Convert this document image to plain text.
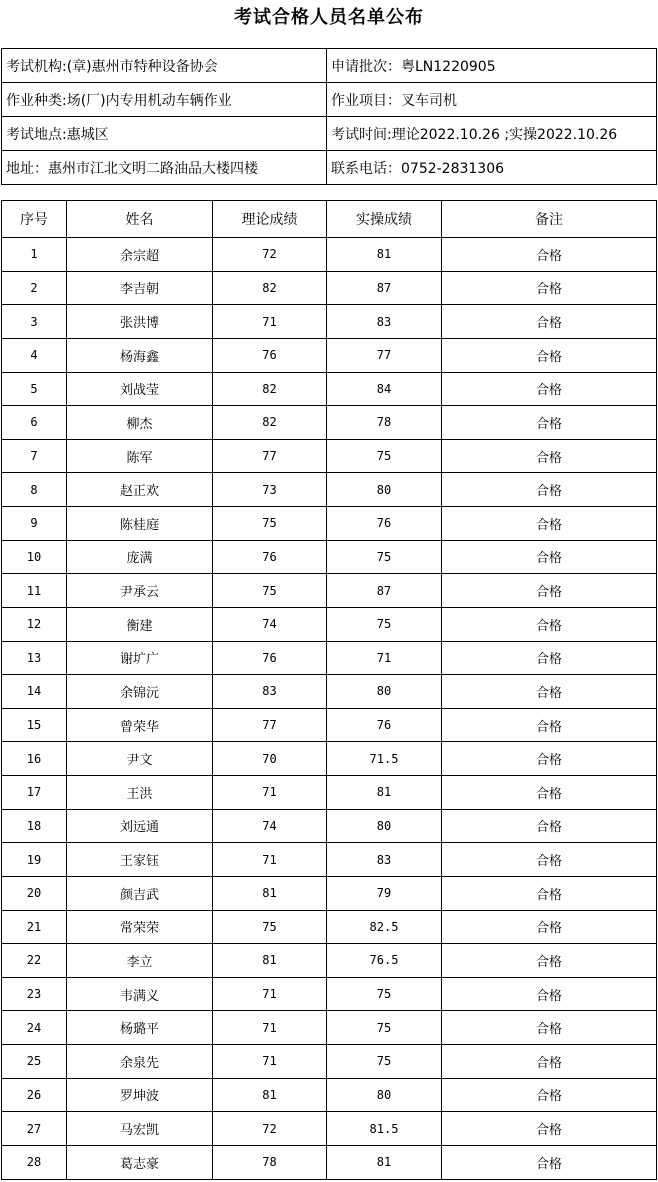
考试合格人员名单公布
考试机构:(章)惠州市特种设备协会	申请批次：粤LN1220905
作业种类:场(厂)内专用机动车辆作业	作业项目：叉车司机
考试地点:惠城区	考试时间:理论2022.10.26 ;实操2022.10.26
地址：惠州市江北文明二路油品大楼四楼	联系电话：0752-2831306
序号	姓名	理论成绩	实操成绩	备注
1	余宗超	72	81	合格
2	李吉朝	82	87	合格
3	张洪博	71	83	合格
4	杨海鑫	76	77	合格
5	刘战莹	82	84	合格
6	柳杰	82	78	合格
7	陈军	77	75	合格
8	赵正欢	73	80	合格
9	陈桂庭	75	76	合格
10	庞满	76	75	合格
11	尹承云	75	87	合格
12	衡建	74	75	合格
13	谢圹广	76	71	合格
14	余锦沅	83	80	合格
15	曾荣华	77	76	合格
16	尹文	70	71.5	合格
17	王洪	71	81	合格
18	刘远通	74	80	合格
19	王家钰	71	83	合格
20	颜吉武	81	79	合格
21	常荣荣	75	82.5	合格
22	李立	81	76.5	合格
23	韦满义	71	75	合格
24	杨璐平	71	75	合格
25	余泉先	71	75	合格
26	罗坤波	81	80	合格
27	马宏凯	72	81.5	合格
28	葛志豪	78	81	合格
